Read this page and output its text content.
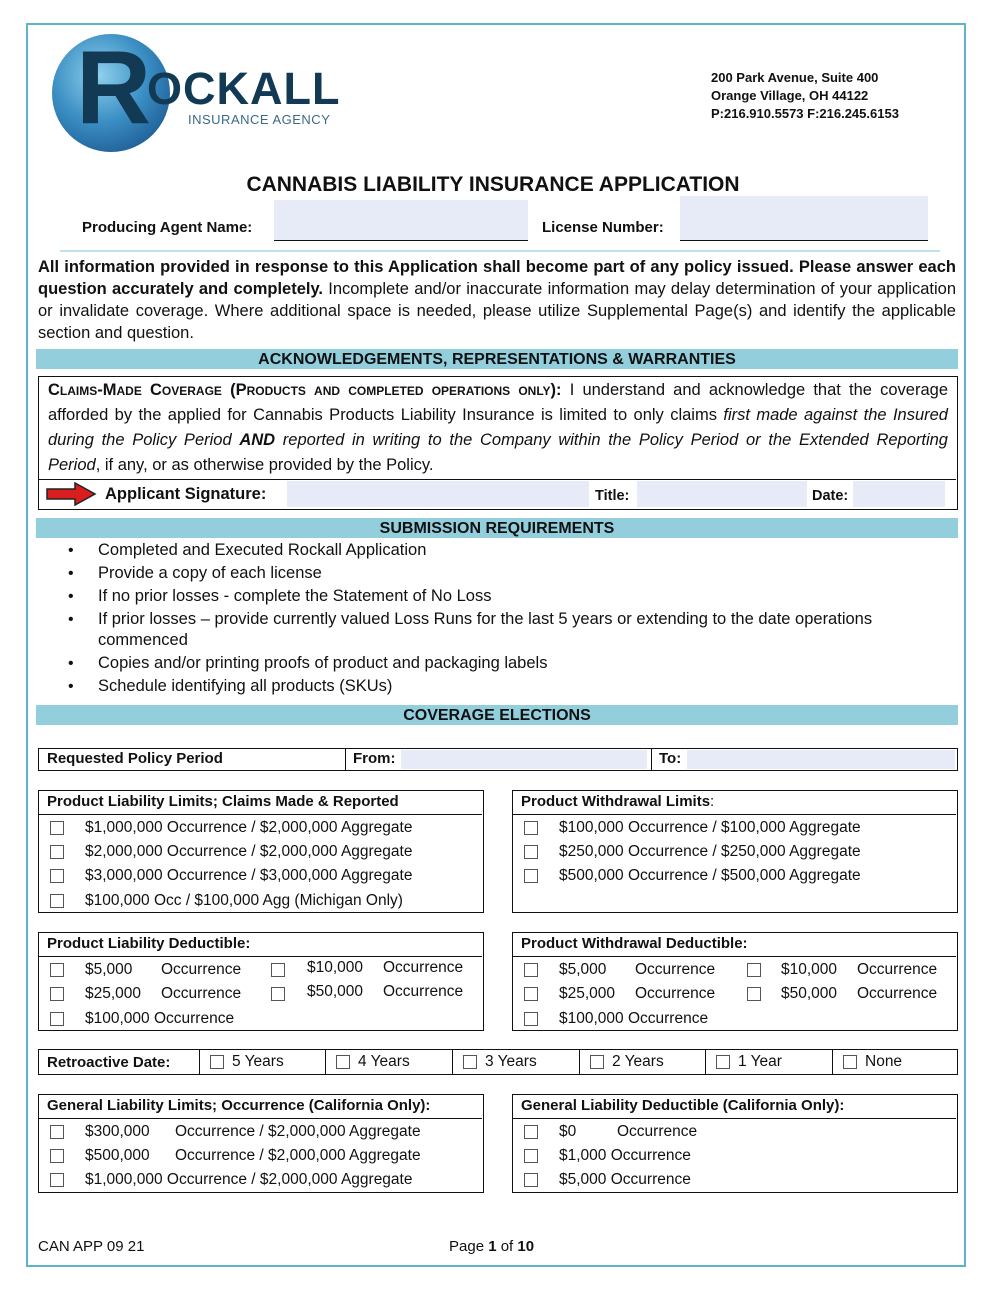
R
OCKALL
INSURANCE AGENCY
200 Park Avenue, Suite 400
Orange Village, OH 44122
P:216.910.5573 F:216.245.6153
CANNABIS LIABILITY INSURANCE APPLICATION
Producing Agent Name:	License Number:
All information provided in response to this Application shall become part of any policy issued. Please answer each question accurately and completely. Incomplete and/or inaccurate information may delay determination of your application or invalidate coverage. Where additional space is needed, please utilize Supplemental Page(s) and identify the applicable section and question.
ACKNOWLEDGEMENTS, REPRESENTATIONS & WARRANTIES
Claims-Made Coverage (Products and completed operations only): I understand and acknowledge that the coverage afforded by the applied for Cannabis Products Liability Insurance is limited to only claims first made against the Insured during the Policy Period AND reported in writing to the Company within the Policy Period or the Extended Reporting Period, if any, or as otherwise provided by the Policy.
Applicant Signature:	Title:	Date:
SUBMISSION REQUIREMENTS
• Completed and Executed Rockall Application
• Provide a copy of each license
• If no prior losses - complete the Statement of No Loss
• If prior losses – provide currently valued Loss Runs for the last 5 years or extending to the date operations commenced
• Copies and/or printing proofs of product and packaging labels
• Schedule identifying all products (SKUs)
COVERAGE ELECTIONS
Requested Policy Period	From:	To:
Product Liability Limits; Claims Made & Reported
$1,000,000 Occurrence / $2,000,000 Aggregate
$2,000,000 Occurrence / $2,000,000 Aggregate
$3,000,000 Occurrence / $3,000,000 Aggregate
$100,000 Occ / $100,000 Agg (Michigan Only)
Product Withdrawal Limits:
$100,000 Occurrence / $100,000 Aggregate
$250,000 Occurrence / $250,000 Aggregate
$500,000 Occurrence / $500,000 Aggregate
Product Liability Deductible:
$5,000 Occurrence	$10,000 Occurrence
$25,000 Occurrence	$50,000 Occurrence
$100,000 Occurrence
Product Withdrawal Deductible:
$5,000 Occurrence	$10,000 Occurrence
$25,000 Occurrence	$50,000 Occurrence
$100,000 Occurrence
Retroactive Date:	5 Years	4 Years	3 Years	2 Years	1 Year	None
General Liability Limits; Occurrence (California Only):
$300,000 Occurrence / $2,000,000 Aggregate
$500,000 Occurrence / $2,000,000 Aggregate
$1,000,000 Occurrence / $2,000,000 Aggregate
General Liability Deductible (California Only):
$0	Occurrence
$1,000 Occurrence
$5,000 Occurrence
CAN APP 09 21	Page 1 of 10
